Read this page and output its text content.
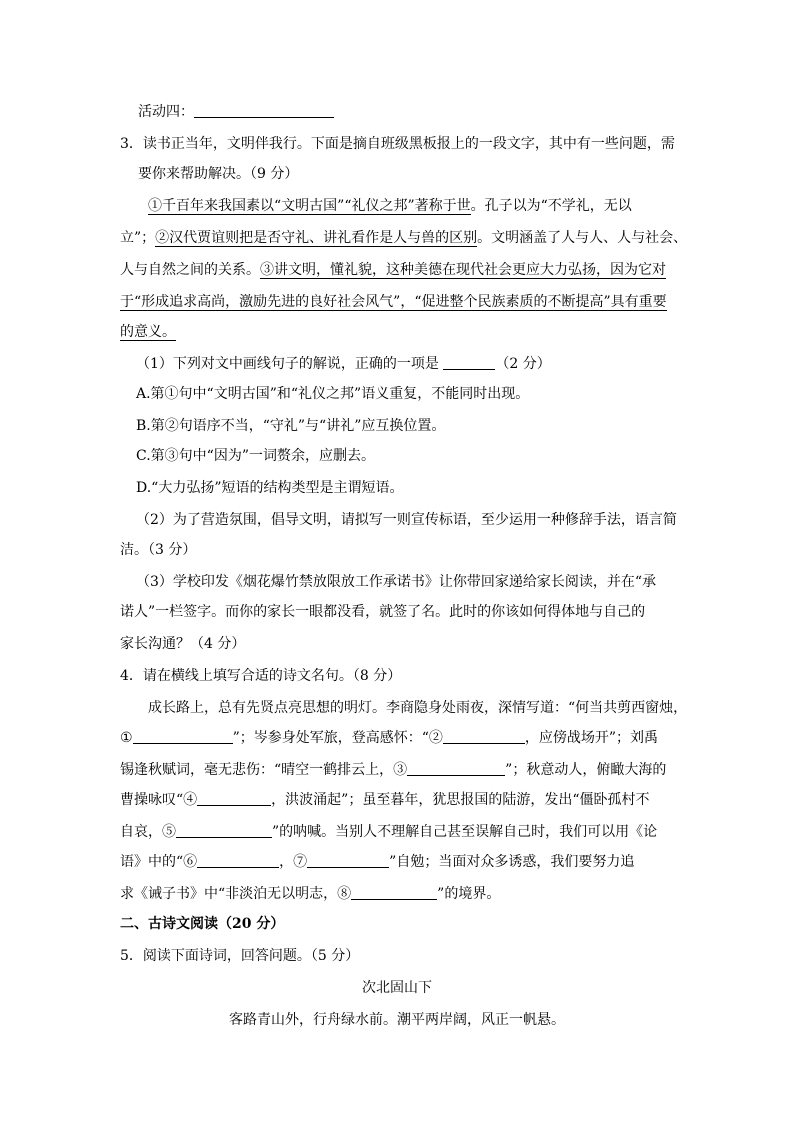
活动四：
3．读书正当年，文明伴我行。下面是摘自班级黑板报上的一段文字，其中有一些问题，需
要你来帮助解决。（9 分）
①千百年来我国素以“文明古国”“礼仪之邦”著称于世。孔子以为“不学礼，无以
立”；②汉代贾谊则把是否守礼、讲礼看作是人与兽的区别。文明涵盖了人与人、人与社会、
人与自然之间的关系。③讲文明，懂礼貌，这种美德在现代社会更应大力弘扬，因为它对
于“形成追求高尚，激励先进的良好社会风气”，“促进整个民族素质的不断提高”具有重要
的意义。
（1）下列对文中画线句子的解说，正确的一项是	（2 分）
A.第①句中“文明古国”和“礼仪之邦”语义重复，不能同时出现。
B.第②句语序不当，“守礼”与“讲礼”应互换位置。
C.第③句中“因为”一词赘余，应删去。
D.“大力弘扬”短语的结构类型是主谓短语。
（2）为了营造氛围，倡导文明，请拟写一则宣传标语，至少运用一种修辞手法，语言简
洁。（3 分）
（3）学校印发《烟花爆竹禁放限放工作承诺书》让你带回家递给家长阅读，并在“承
诺人”一栏签字。而你的家长一眼都没看，就签了名。此时的你该如何得体地与自己的
家长沟通？（4 分）
4．请在横线上填写合适的诗文名句。（8 分）
成长路上，总有先贤点亮思想的明灯。李商隐身处雨夜，深情写道：“何当共剪西窗烛，
①	”；岑参身处军旅，登高感怀：“②	，应傍战场开”；刘禹
锡逢秋赋词，毫无悲伤：“晴空一鹤排云上，③	”；秋意动人，俯瞰大海的
曹操咏叹“④	，洪波涌起”；虽至暮年，犹思报国的陆游，发出“僵卧孤村不
自哀，⑤	”的呐喊。当别人不理解自己甚至误解自己时，我们可以用《论
语》中的“⑥	，⑦	”自勉；当面对众多诱惑，我们要努力追
求《诫子书》中“非淡泊无以明志，⑧	”的境界。
二、古诗文阅读（20 分）
5．阅读下面诗词，回答问题。（5 分）
次北固山下
客路青山外，行舟绿水前。潮平两岸阔，风正一帆悬。
